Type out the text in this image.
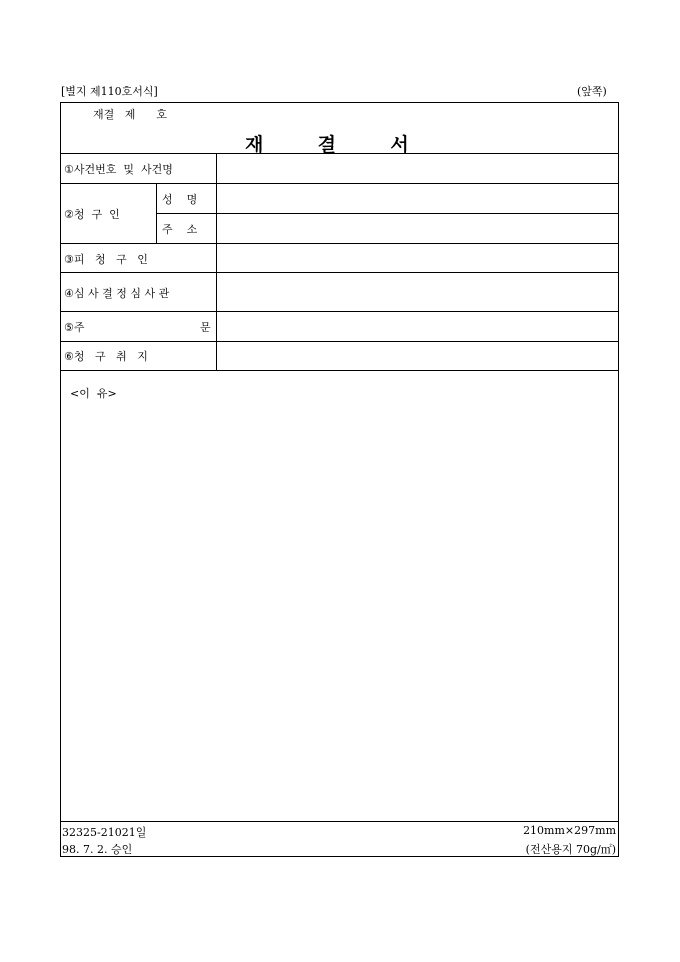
[별지 제110호서식]	(앞쪽)
재결   제      호
재       결       서
①사건번호  및  사건명
②청  구  인
성    명
주    소
③피   청   구   인
④심 사 결 정 심 사 관
⑤주	문
⑥청   구   취   지
<이  유>
32325-21021일
98. 7. 2. 승인
210mm×297mm
(전산용지 70g/㎡)
